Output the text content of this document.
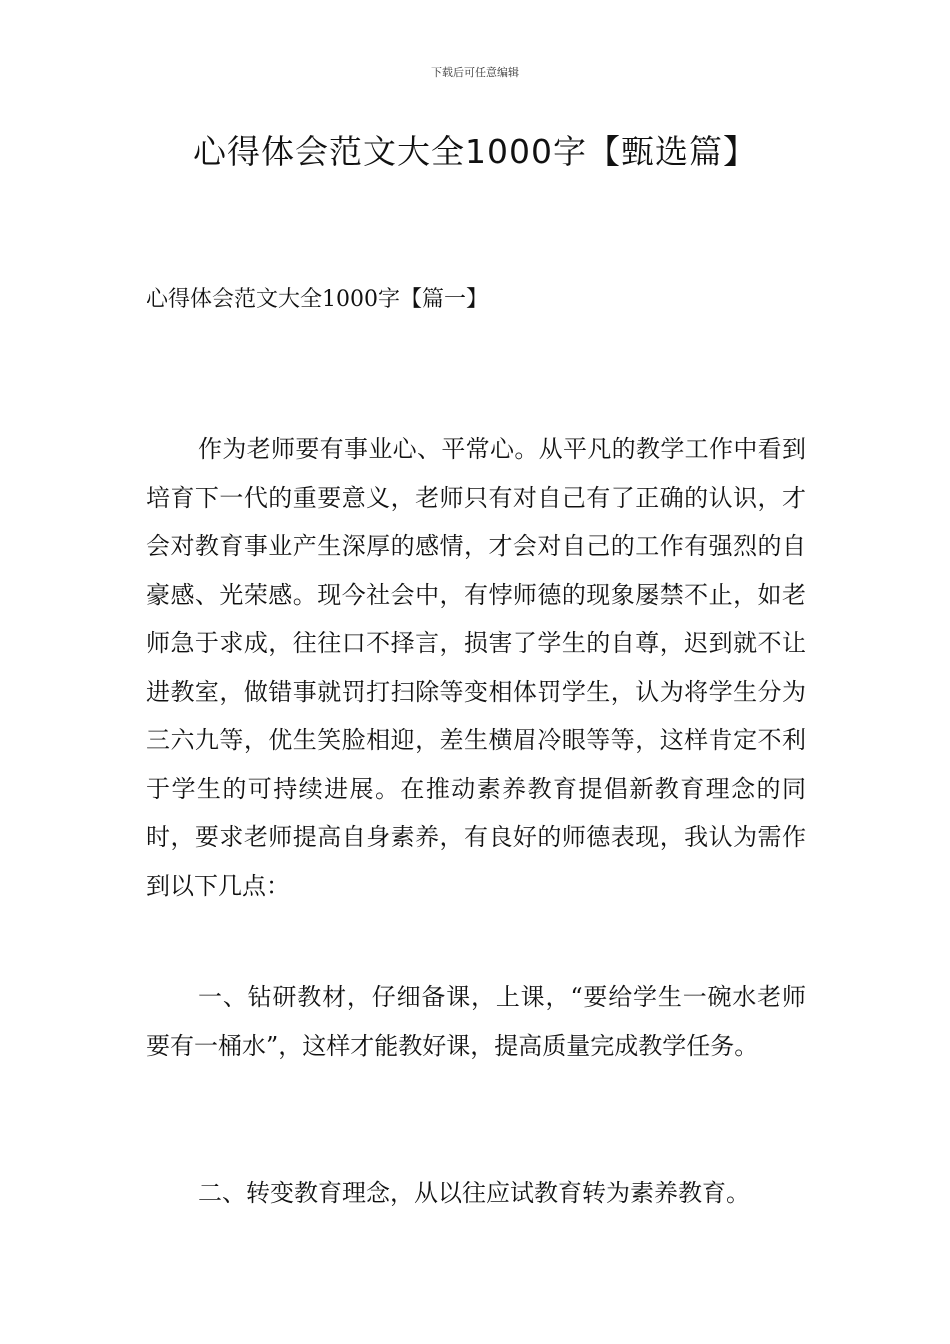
下载后可任意编辑
心得体会范文大全1000字【甄选篇】
心得体会范文大全1000字【篇一】

作为老师要有事业心、平常心。从平凡的教学工作中看到培育下一代的重要意义，老师只有对自己有了正确的认识，才会对教育事业产生深厚的感情，才会对自己的工作有强烈的自豪感、光荣感。现今社会中，有悖师德的现象屡禁不止，如老师急于求成，往往口不择言，损害了学生的自尊，迟到就不让进教室，做错事就罚打扫除等变相体罚学生，认为将学生分为三六九等，优生笑脸相迎，差生横眉冷眼等等，这样肯定不利于学生的可持续进展。在推动素养教育提倡新教育理念的同时，要求老师提高自身素养，有良好的师德表现，我认为需作到以下几点：

一、钻研教材，仔细备课，上课，“要给学生一碗水老师要有一桶水”，这样才能教好课，提高质量完成教学任务。

二、转变教育理念，从以往应试教育转为素养教育。
